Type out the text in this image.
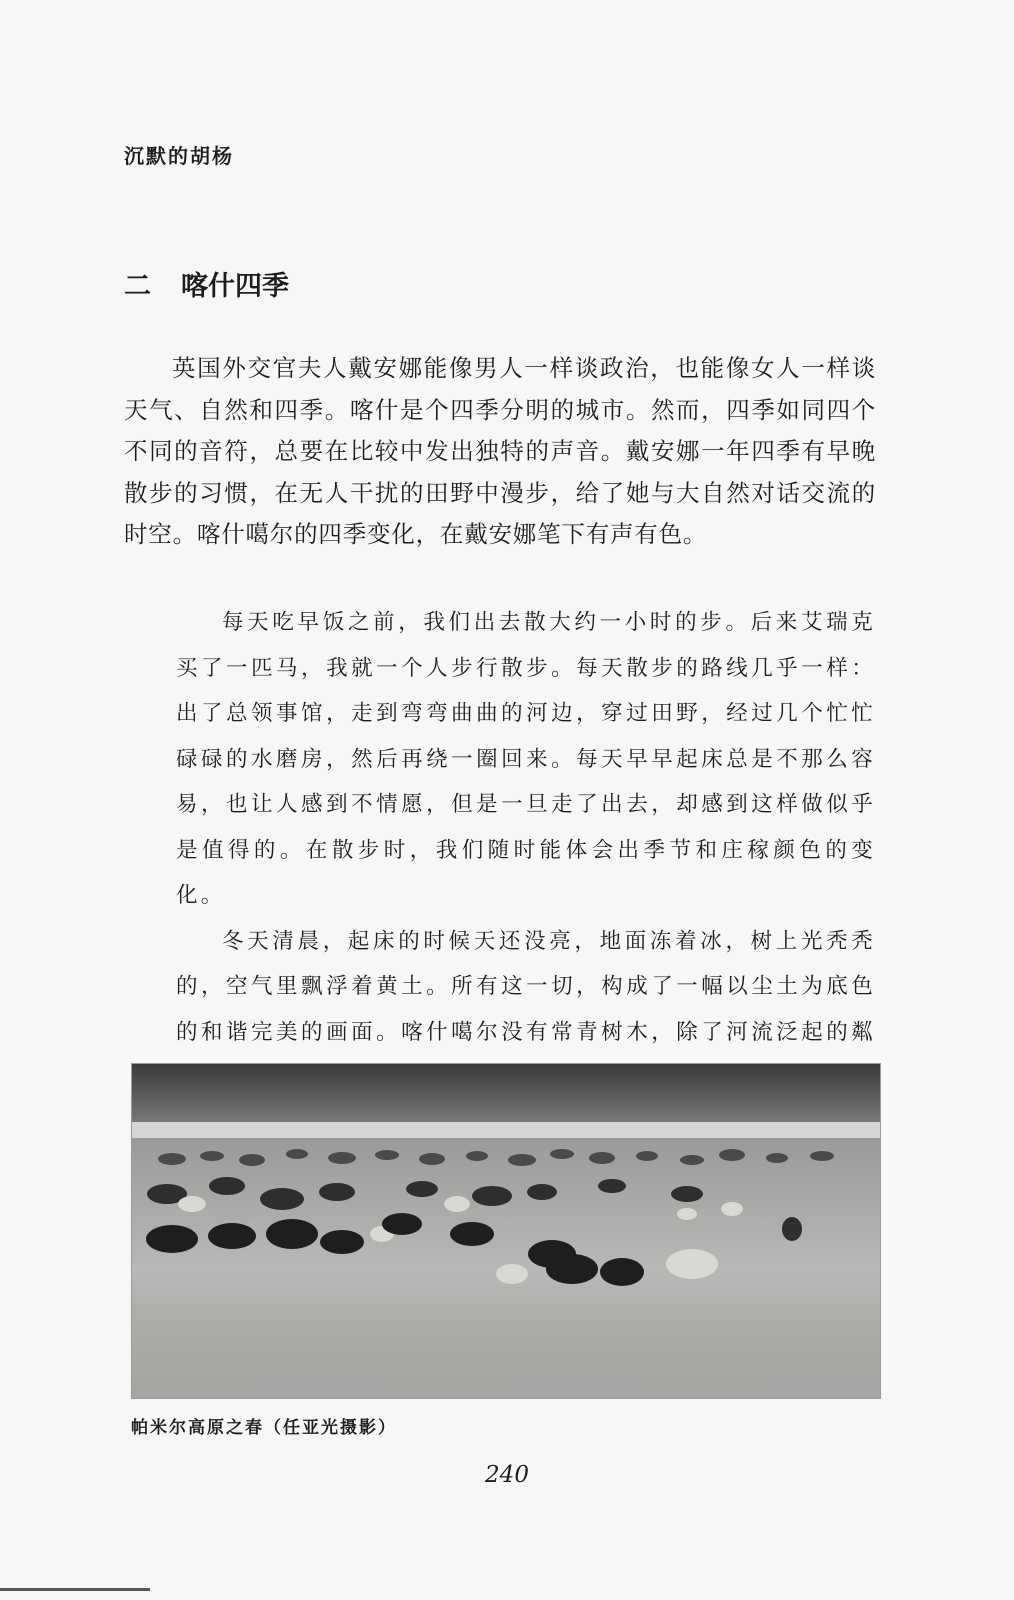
沉默的胡杨
二 喀什四季

英国外交官夫人戴安娜能像男人一样谈政治，也能像女人一样谈天气、自然和四季。喀什是个四季分明的城市。然而，四季如同四个不同的音符，总要在比较中发出独特的声音。戴安娜一年四季有早晚散步的习惯，在无人干扰的田野中漫步，给了她与大自然对话交流的时空。喀什噶尔的四季变化，在戴安娜笔下有声有色。

每天吃早饭之前，我们出去散大约一小时的步。后来艾瑞克买了一匹马，我就一个人步行散步。每天散步的路线几乎一样：出了总领事馆，走到弯弯曲曲的河边，穿过田野，经过几个忙忙碌碌的水磨房，然后再绕一圈回来。每天早早起床总是不那么容易，也让人感到不情愿，但是一旦走了出去，却感到这样做似乎是值得的。在散步时，我们随时能体会出季节和庄稼颜色的变化。

冬天清晨，起床的时候天还没亮，地面冻着冰，树上光秃秃的，空气里飘浮着黄土。所有这一切，构成了一幅以尘土为底色的和谐完美的画面。喀什噶尔没有常青树木，除了河流泛起的粼

帕米尔高原之春（任亚光摄影）
240
